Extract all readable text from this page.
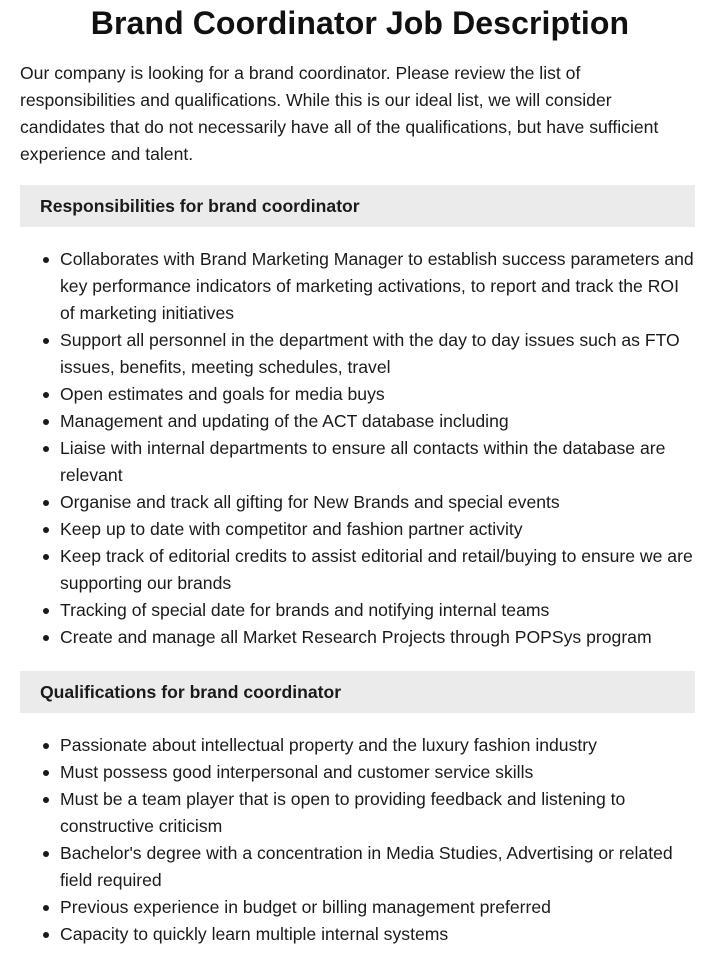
Brand Coordinator Job Description

Our company is looking for a brand coordinator. Please review the list of responsibilities and qualifications. While this is our ideal list, we will consider candidates that do not necessarily have all of the qualifications, but have sufficient experience and talent.

Responsibilities for brand coordinator
Collaborates with Brand Marketing Manager to establish success parameters and key performance indicators of marketing activations, to report and track the ROI of marketing initiatives
Support all personnel in the department with the day to day issues such as FTO issues, benefits, meeting schedules, travel
Open estimates and goals for media buys
Management and updating of the ACT database including
Liaise with internal departments to ensure all contacts within the database are relevant
Organise and track all gifting for New Brands and special events
Keep up to date with competitor and fashion partner activity
Keep track of editorial credits to assist editorial and retail/buying to ensure we are supporting our brands
Tracking of special date for brands and notifying internal teams
Create and manage all Market Research Projects through POPSys program
Qualifications for brand coordinator
Passionate about intellectual property and the luxury fashion industry
Must possess good interpersonal and customer service skills
Must be a team player that is open to providing feedback and listening to constructive criticism
Bachelor's degree with a concentration in Media Studies, Advertising or related field required
Previous experience in budget or billing management preferred
Capacity to quickly learn multiple internal systems
